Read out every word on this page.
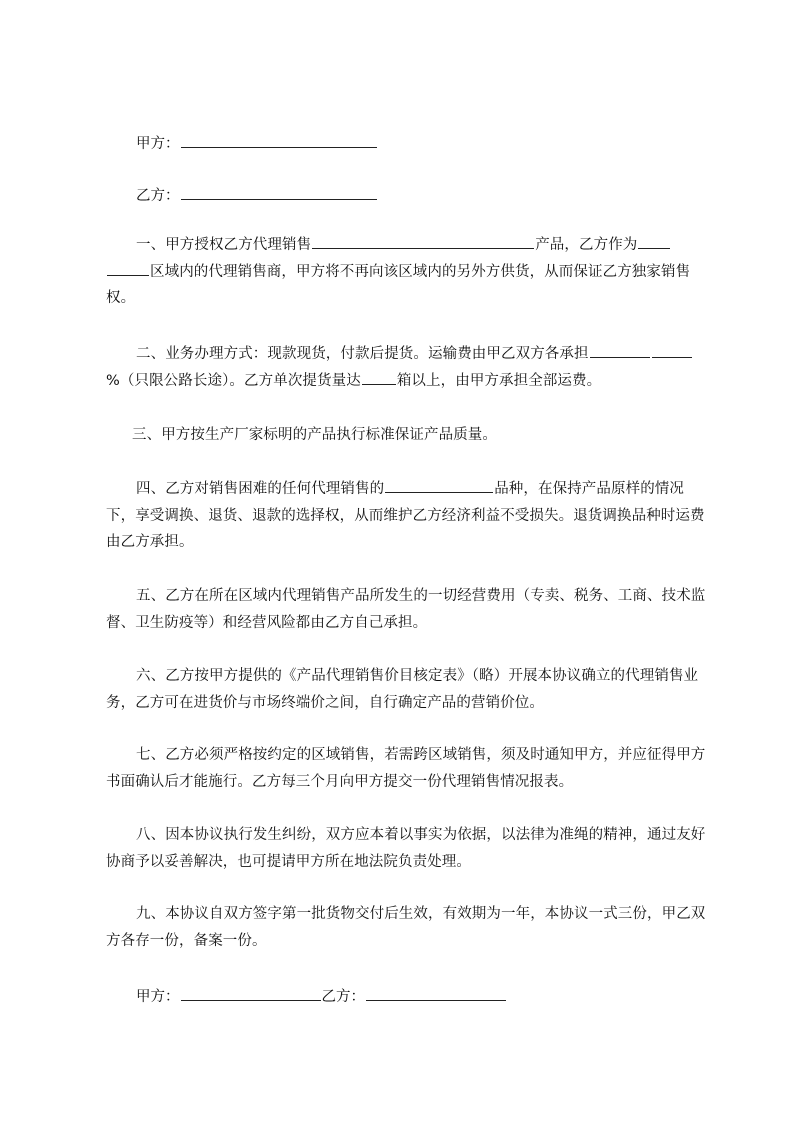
甲方：
乙方：
一、甲方授权乙方代理销售	产品，乙方作为区域内的代理销售商，甲方将不再向该区域内的另外方供货，从而保证乙方独家销售权。
二、业务办理方式：现款现货，付款后提货。运输费由甲乙双方各承担%（只限公路长途）。乙方单次提货量达 箱以上，由甲方承担全部运费。
三、甲方按生产厂家标明的产品执行标准保证产品质量。
四、乙方对销售困难的任何代理销售的	品种，在保持产品原样的情况下，享受调换、退货、退款的选择权，从而维护乙方经济利益不受损失。退货调换品种时运费由乙方承担。
五、乙方在所在区域内代理销售产品所发生的一切经营费用（专卖、税务、工商、技术监督、卫生防疫等）和经营风险都由乙方自己承担。
六、乙方按甲方提供的《产品代理销售价目核定表》（略）开展本协议确立的代理销售业务，乙方可在进货价与市场终端价之间，自行确定产品的营销价位。
七、乙方必须严格按约定的区域销售，若需跨区域销售，须及时通知甲方，并应征得甲方书面确认后才能施行。乙方每三个月向甲方提交一份代理销售情况报表。
八、因本协议执行发生纠纷，双方应本着以事实为依据，以法律为准绳的精神，通过友好协商予以妥善解决，也可提请甲方所在地法院负责处理。
九、本协议自双方签字第一批货物交付后生效，有效期为一年，本协议一式三份，甲乙双方各存一份，备案一份。
甲方：	乙方：
